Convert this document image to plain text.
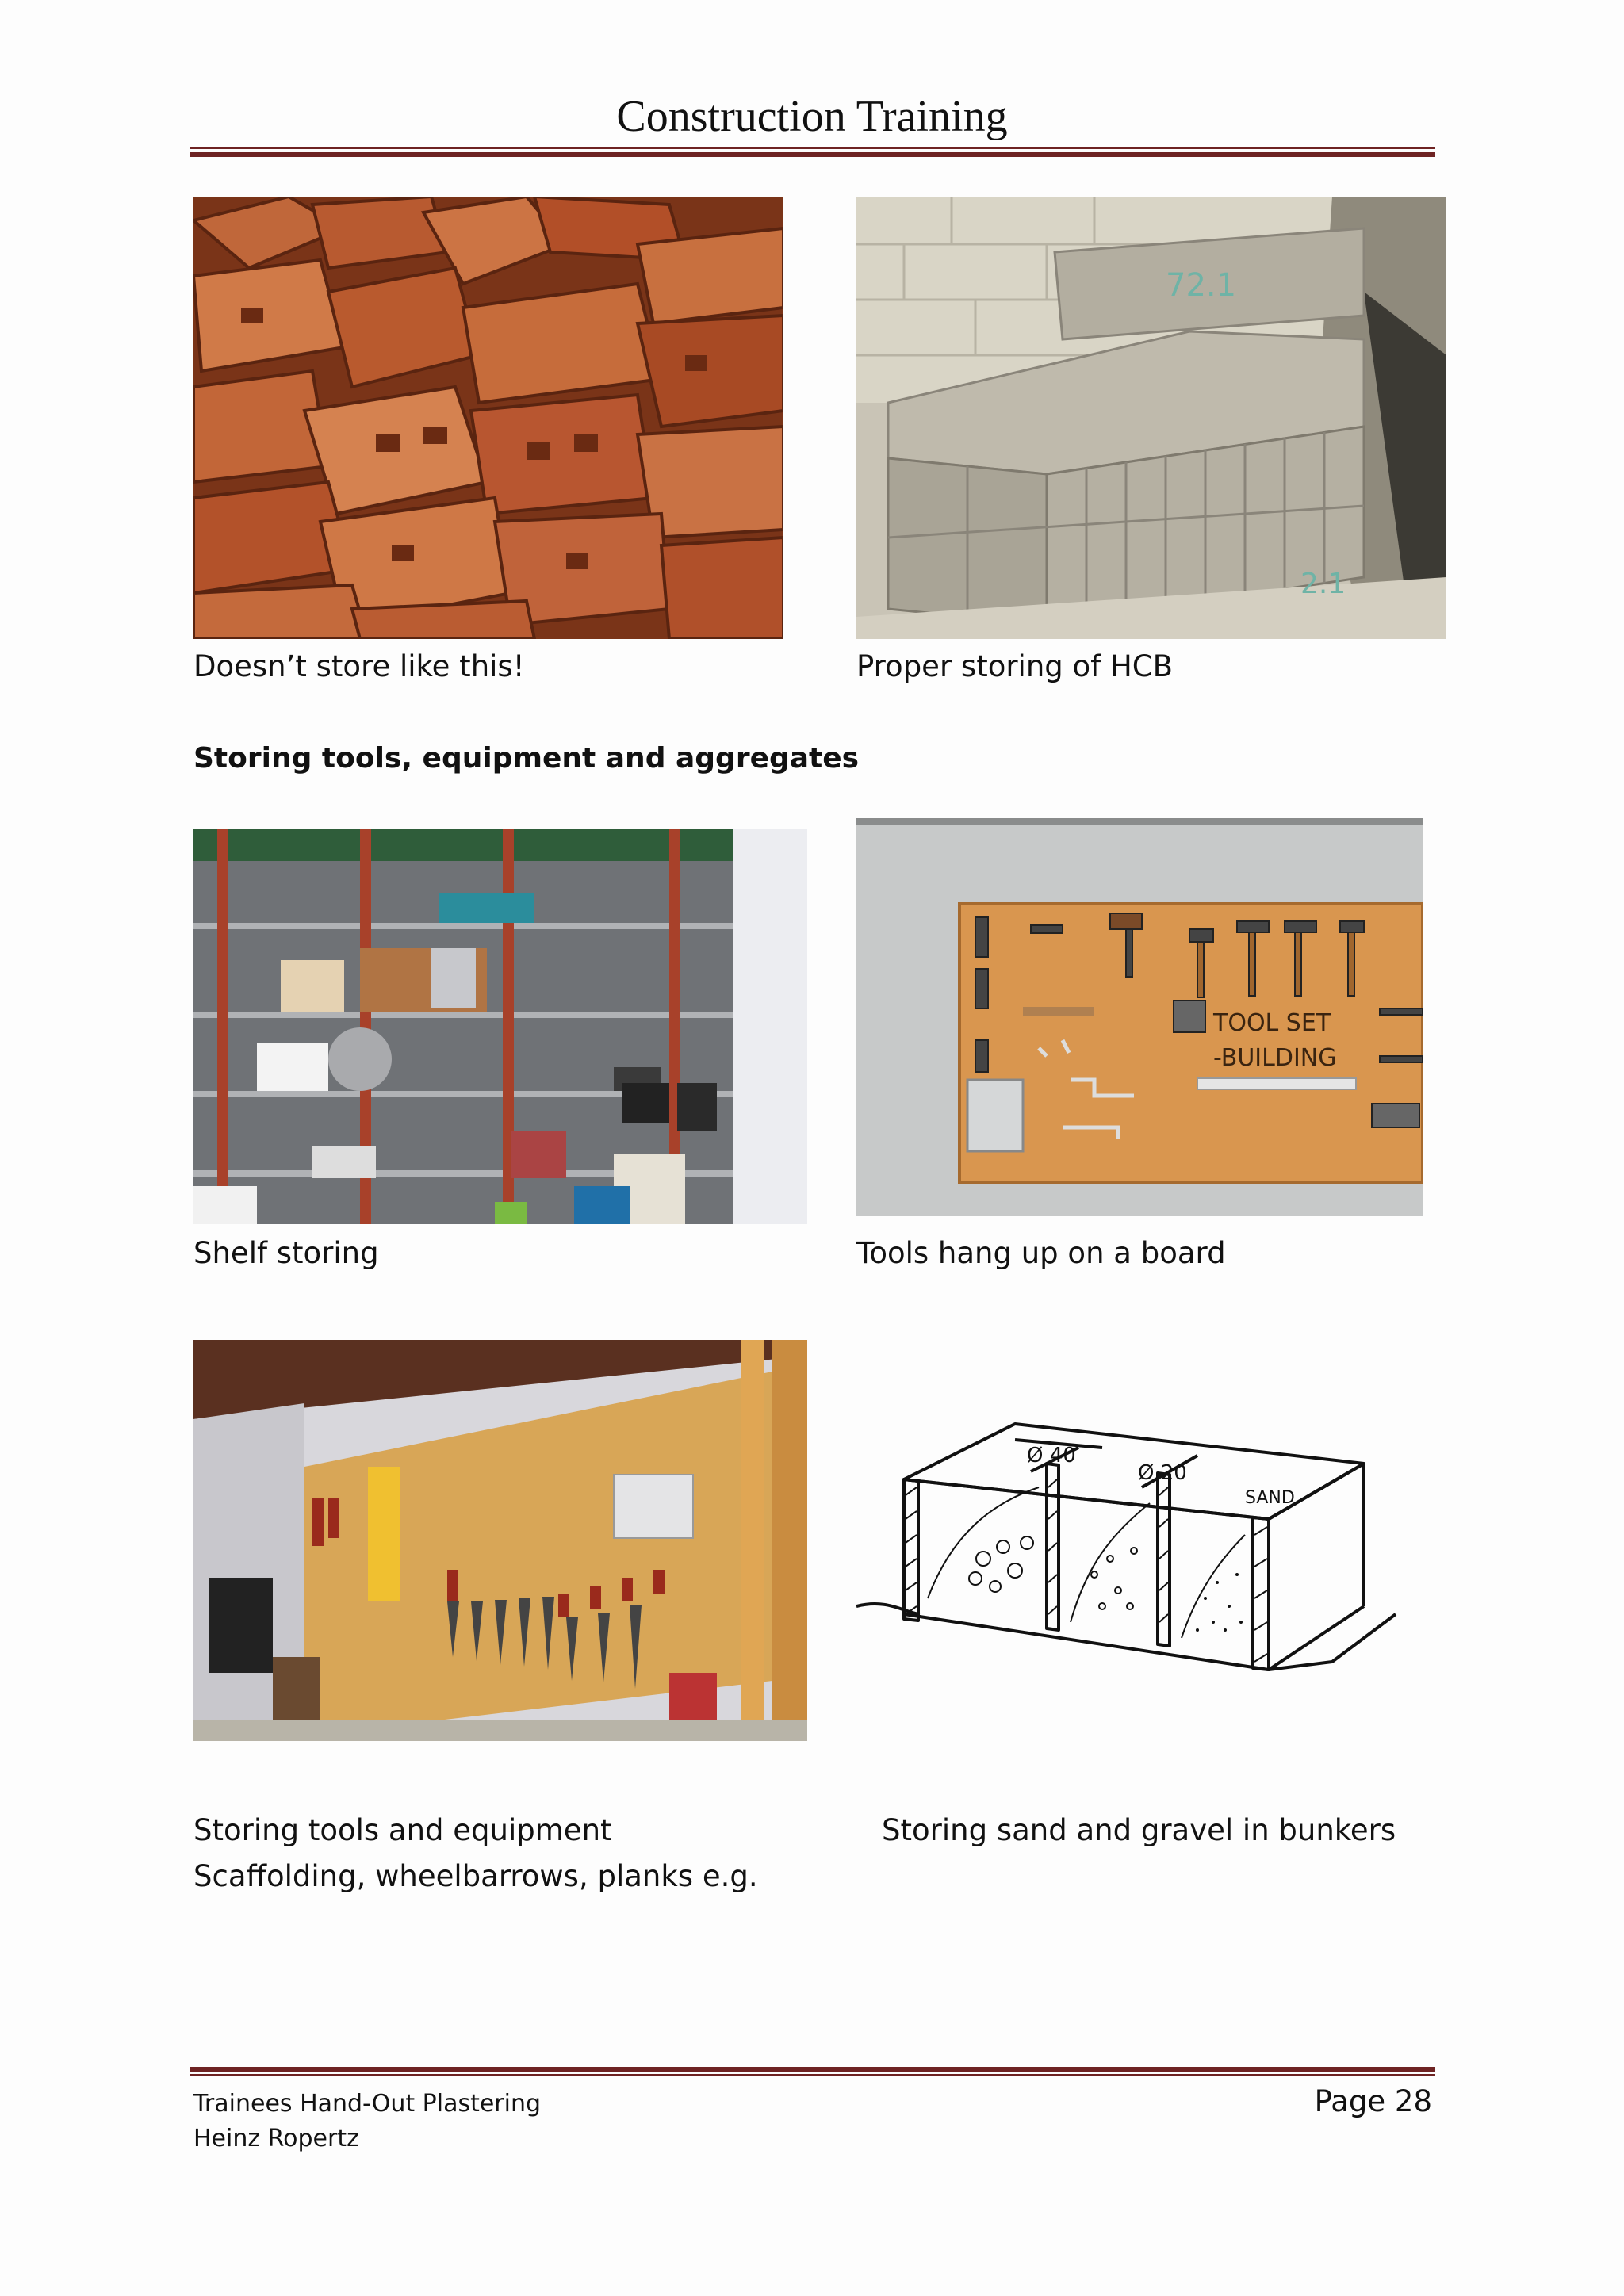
Construction Training
Doesn’t store like this!
72.1
2.1
Proper storing of HCB
Storing tools, equipment and aggregates
Shelf storing
TOOL SET
-BUILDING
Tools hang up on a board
Ø 40
Ø 20
SAND
Storing tools and equipment
Scaffolding, wheelbarrows, planks e.g.
Storing sand and gravel in bunkers
Trainees Hand-Out Plastering
Heinz Ropertz
Page 28
